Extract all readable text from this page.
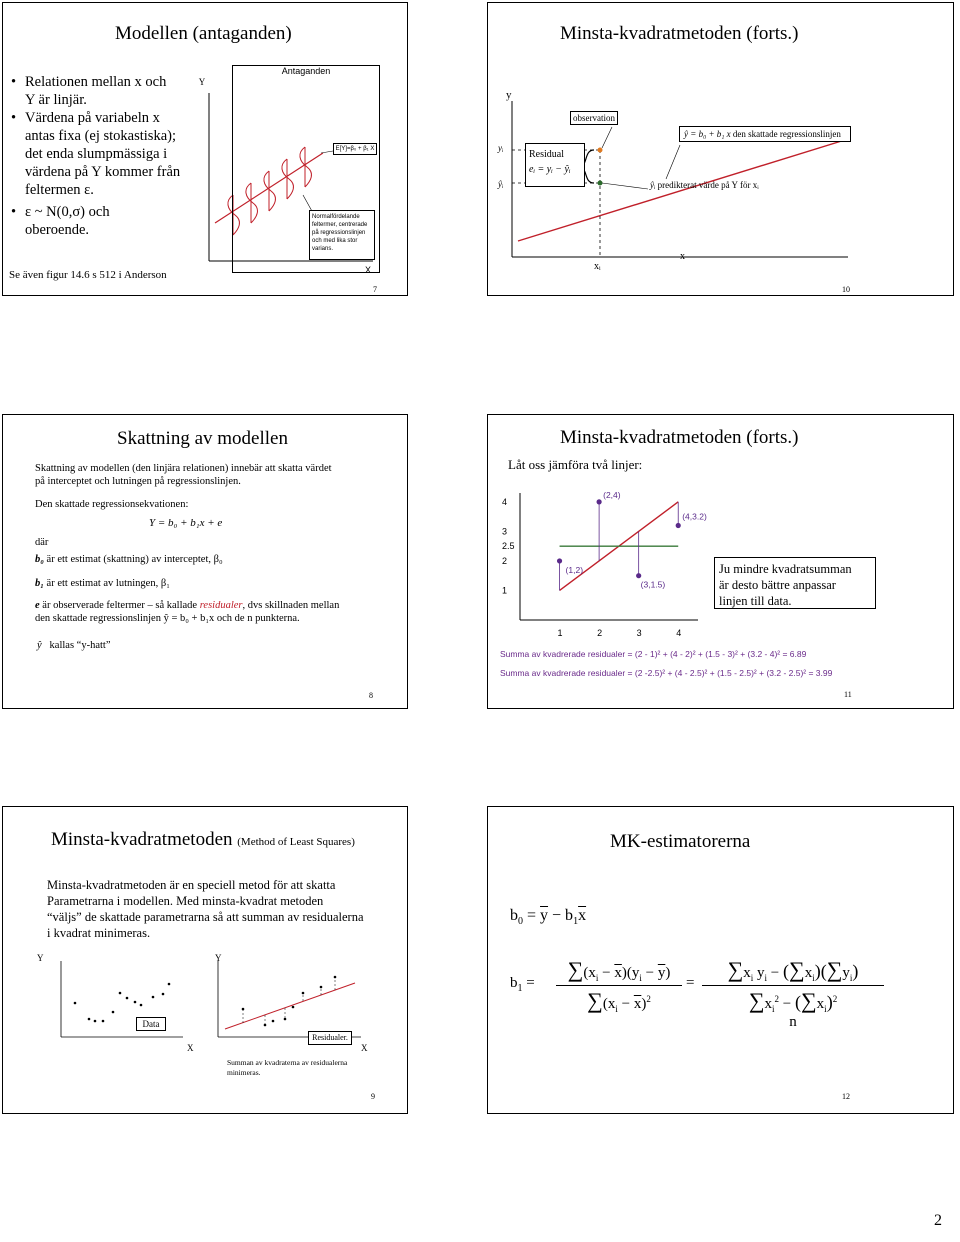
Modellen (antaganden)
• Relationen mellan x och
Y är linjär.
• Värdena på variabeln x
antas fixa (ej stokastiska);
det enda slumpmässiga i
värdena på Y kommer från
feltermen ε.
• ε ~ N(0,σ) och
oberoende.
Se även figur 14.6 s 512 i Anderson
Y
Antaganden
E[Y]=β₀ + β₁ X
Normalfördelande
feltermer, centrerade
på regressionslinjen
och med lika stor
varians.
X
7
Minsta-kvadratmetoden (forts.)
y
yᵢ
ŷᵢ
xᵢ
x
observation
Residual
eᵢ = yᵢ − ŷᵢ
ŷ = b₀ + b₁ x den skattade regressionslinjen
ŷᵢ predikterat värde på Y för xᵢ
10
Skattning av modellen
Skattning av modellen (den linjära relationen) innebär att skatta värdet
på interceptet och lutningen på regressionslinjen.
Den skattade regressionsekvationen:
Y = b₀ + b₁x + e
där
b₀ är ett estimat (skattning) av interceptet, β₀
b₁ är ett estimat av lutningen, β₁
e är observerade feltermer – så kallade residualer, dvs skillnaden mellan
den skattade regressionslinjen ŷ = b₀ + b₁x och de n punkterna.
ŷ kallas “y-hatt”
8
Minsta-kvadratmetoden (forts.)
Låt oss jämföra två linjer:
4
3
2.5
2
1
1	2	3	4
(2,4)
(1,2)
(3,1.5)
(4,3.2)
Ju mindre kvadratsumman
är desto bättre anpassar
linjen till data.
Summa av kvadrerade residualer = (2 - 1)² + (4 - 2)² + (1.5 - 3)² + (3.2 - 4)² = 6.89
Summa av kvadrerade residualer = (2 -2.5)² + (4 - 2.5)² + (1.5 - 2.5)² + (3.2 - 2.5)² = 3.99
11
Minsta-kvadratmetoden (Method of Least Squares)
Minsta-kvadratmetoden är en speciell metod för att skatta
Parametrarna i modellen. Med minsta-kvadrat metoden
“väljs” de skattade parametrarna så att summan av residualerna
i kvadrat minimeras.
Y
X
Data
Y
X
Residualer.
Summan av kvadraterna av residualerna
minimeras.
9
MK-estimatorerna
$b_0 = \overline{y} - b_1\overline{x}$
$b_1$ =
$\sum(x_i - \overline{x})(y_i - \overline{y})$
$\sum(x_i - \overline{x})^2$
=
$\sum x_i$ $y_i - (\sum x_i)(\sum y_i)$
$\sum x_i^2 - (\sum x_i)^2$
n
12
2
